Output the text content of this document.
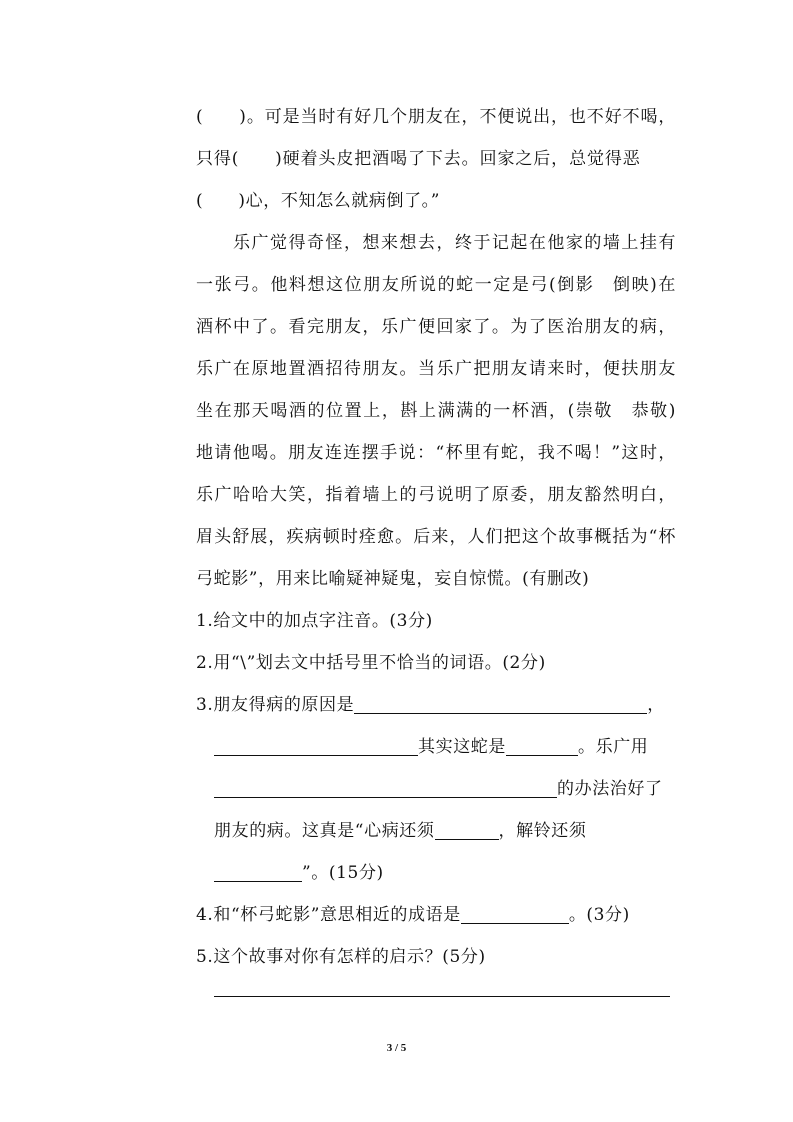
(　　)。可是当时有好几个朋友在，不便说出，也不好不喝，
只得(　　)硬着头皮把酒喝了下去。回家之后，总觉得恶
(　　)心，不知怎么就病倒了。”
乐广觉得奇怪，想来想去，终于记起在他家的墙上挂有
一张弓。他料想这位朋友所说的蛇一定是弓(倒影　倒映)在
酒杯中了。看完朋友，乐广便回家了。为了医治朋友的病，
乐广在原地置酒招待朋友。当乐广把朋友请来时，便扶朋友
坐在那天喝酒的位置上，斟上满满的一杯酒，(崇敬　恭敬)
地请他喝。朋友连连摆手说：“杯里有蛇，我不喝！”这时，
乐广哈哈大笑，指着墙上的弓说明了原委，朋友豁然明白，
眉头舒展，疾病顿时痊愈。后来，人们把这个故事概括为“杯
弓蛇影”，用来比喻疑神疑鬼，妄自惊慌。(有删改)
1.给文中的加点字注音。(3分)
2.用“\”划去文中括号里不恰当的词语。(2分)
3.朋友得病的原因是	，
其实这蛇是	。乐广用
的办法治好了
朋友的病。这真是“心病还须	，解铃还须
”。(15分)
4.和“杯弓蛇影”意思相近的成语是	。(3分)
5.这个故事对你有怎样的启示？(5分)
3 / 5
